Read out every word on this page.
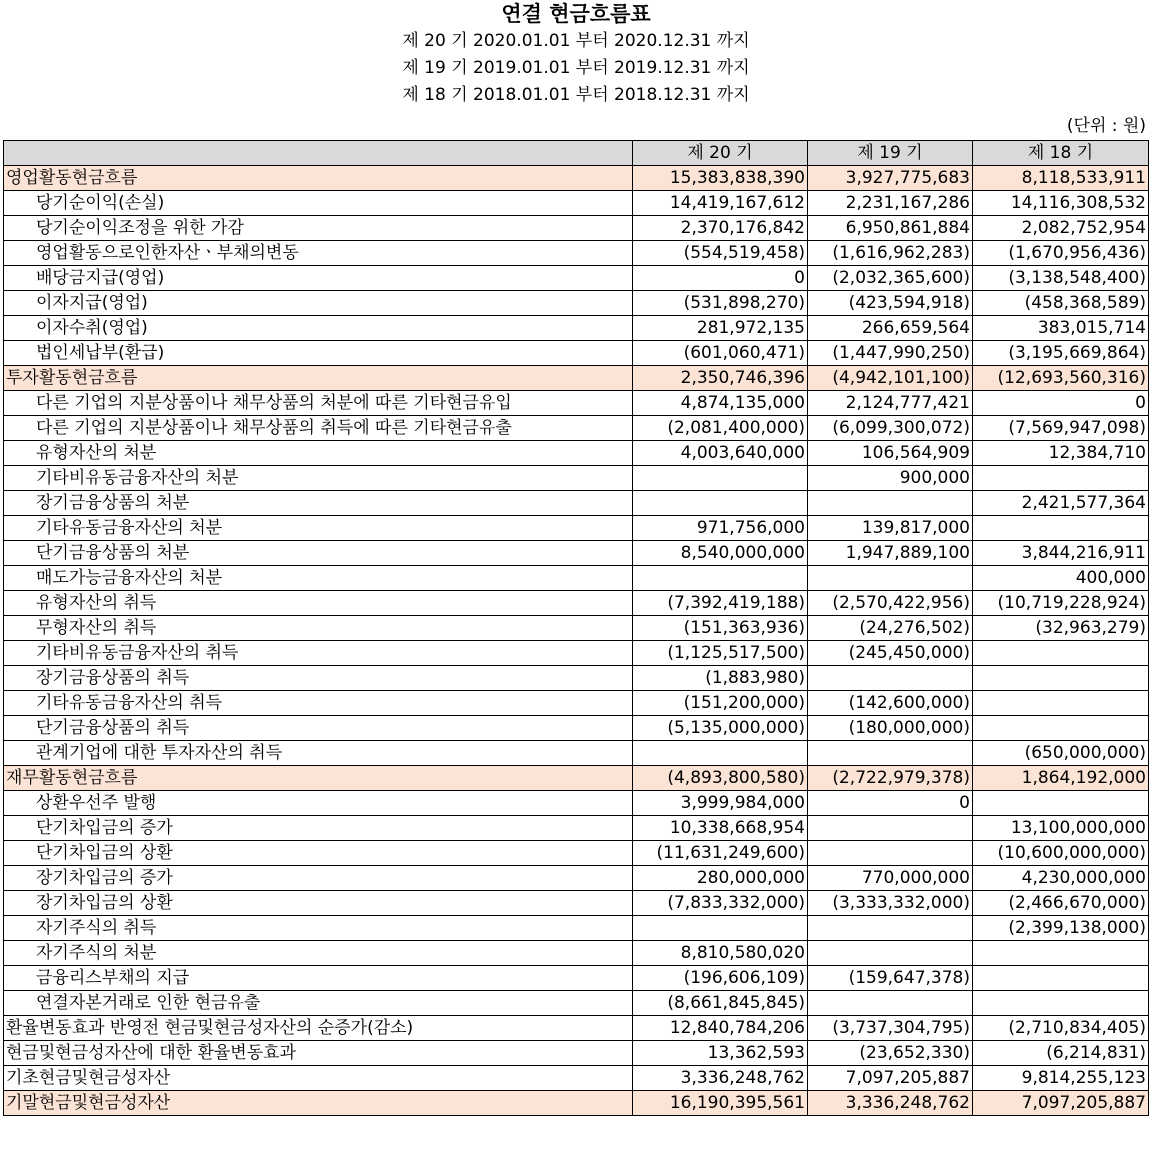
연결 현금흐름표
제 20 기 2020.01.01 부터 2020.12.31 까지
제 19 기 2019.01.01 부터 2019.12.31 까지
제 18 기 2018.01.01 부터 2018.12.31 까지
(단위 : 원)
	제 20 기	제 19 기	제 18 기
영업활동현금흐름	15,383,838,390	3,927,775,683	8,118,533,911
당기순이익(손실)	14,419,167,612	2,231,167,286	14,116,308,532
당기순이익조정을 위한 가감	2,370,176,842	6,950,861,884	2,082,752,954
영업활동으로인한자산ㆍ부채의변동	(554,519,458)	(1,616,962,283)	(1,670,956,436)
배당금지급(영업)	0	(2,032,365,600)	(3,138,548,400)
이자지급(영업)	(531,898,270)	(423,594,918)	(458,368,589)
이자수취(영업)	281,972,135	266,659,564	383,015,714
법인세납부(환급)	(601,060,471)	(1,447,990,250)	(3,195,669,864)
투자활동현금흐름	2,350,746,396	(4,942,101,100)	(12,693,560,316)
다른 기업의 지분상품이나 채무상품의 처분에 따른 기타현금유입	4,874,135,000	2,124,777,421	0
다른 기업의 지분상품이나 채무상품의 취득에 따른 기타현금유출	(2,081,400,000)	(6,099,300,072)	(7,569,947,098)
유형자산의 처분	4,003,640,000	106,564,909	12,384,710
기타비유동금융자산의 처분		900,000	
장기금융상품의 처분			2,421,577,364
기타유동금융자산의 처분	971,756,000	139,817,000	
단기금융상품의 처분	8,540,000,000	1,947,889,100	3,844,216,911
매도가능금융자산의 처분			400,000
유형자산의 취득	(7,392,419,188)	(2,570,422,956)	(10,719,228,924)
무형자산의 취득	(151,363,936)	(24,276,502)	(32,963,279)
기타비유동금융자산의 취득	(1,125,517,500)	(245,450,000)	
장기금융상품의 취득	(1,883,980)		
기타유동금융자산의 취득	(151,200,000)	(142,600,000)	
단기금융상품의 취득	(5,135,000,000)	(180,000,000)	
관계기업에 대한 투자자산의 취득			(650,000,000)
재무활동현금흐름	(4,893,800,580)	(2,722,979,378)	1,864,192,000
상환우선주 발행	3,999,984,000	0	
단기차입금의 증가	10,338,668,954		13,100,000,000
단기차입금의 상환	(11,631,249,600)		(10,600,000,000)
장기차입금의 증가	280,000,000	770,000,000	4,230,000,000
장기차입금의 상환	(7,833,332,000)	(3,333,332,000)	(2,466,670,000)
자기주식의 취득			(2,399,138,000)
자기주식의 처분	8,810,580,020		
금융리스부채의 지급	(196,606,109)	(159,647,378)	
연결자본거래로 인한 현금유출	(8,661,845,845)		
환율변동효과 반영전 현금및현금성자산의 순증가(감소)	12,840,784,206	(3,737,304,795)	(2,710,834,405)
현금및현금성자산에 대한 환율변동효과	13,362,593	(23,652,330)	(6,214,831)
기초현금및현금성자산	3,336,248,762	7,097,205,887	9,814,255,123
기말현금및현금성자산	16,190,395,561	3,336,248,762	7,097,205,887
